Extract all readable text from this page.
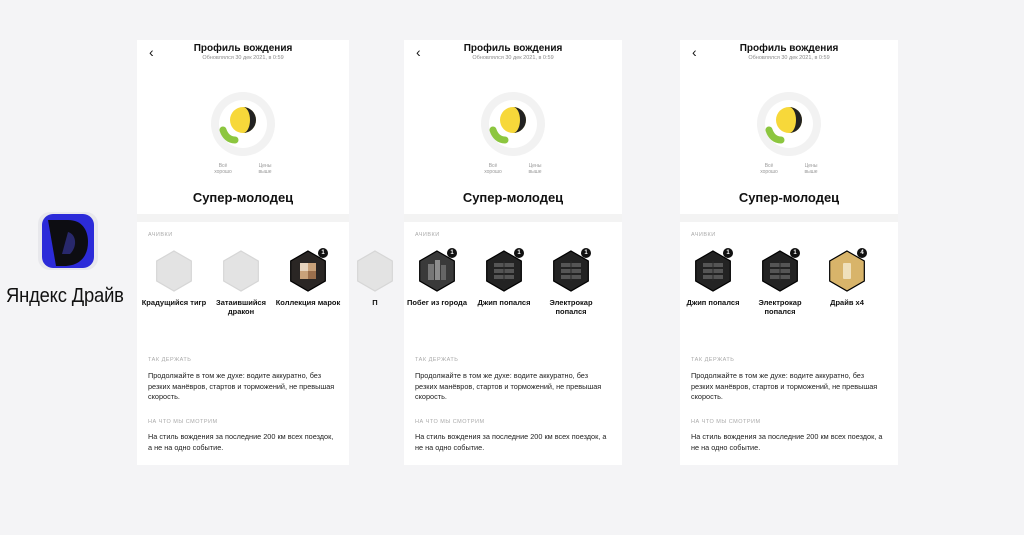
Яндекс Драйв
‹	Профиль вождения
Обновлялся 30 дек 2021, в 0:59
Всё хорошо
Цены выше
Супер-молодец
АЧИВКИ
Крадущийся тигр	Затаившийся дракон
1
Коллекция марок	П
ТАК ДЕРЖАТЬ
Продолжайте в том же духе: водите аккуратно, без резких манёвров, стартов и торможений, не превышая скорость.
НА ЧТО МЫ СМОТРИМ
На стиль вождения за последние 200 км всех поездок, а не на одно событие.
‹	Профиль вождения
Обновлялся 30 дек 2021, в 0:59
Всё хорошо
Цены выше
Супер-молодец
АЧИВКИ
1
Побег из города
1
Джип попался
1
Электрокар попался
ТАК ДЕРЖАТЬ
Продолжайте в том же духе: водите аккуратно, без резких манёвров, стартов и торможений, не превышая скорость.
НА ЧТО МЫ СМОТРИМ
На стиль вождения за последние 200 км всех поездок, а не на одно событие.
‹	Профиль вождения
Обновлялся 30 дек 2021, в 0:59
Всё хорошо
Цены выше
Супер-молодец
АЧИВКИ
1
Джип попался
1
Электрокар попался
4
Драйв x4
ТАК ДЕРЖАТЬ
Продолжайте в том же духе: водите аккуратно, без резких манёвров, стартов и торможений, не превышая скорость.
НА ЧТО МЫ СМОТРИМ
На стиль вождения за последние 200 км всех поездок, а не на одно событие.
